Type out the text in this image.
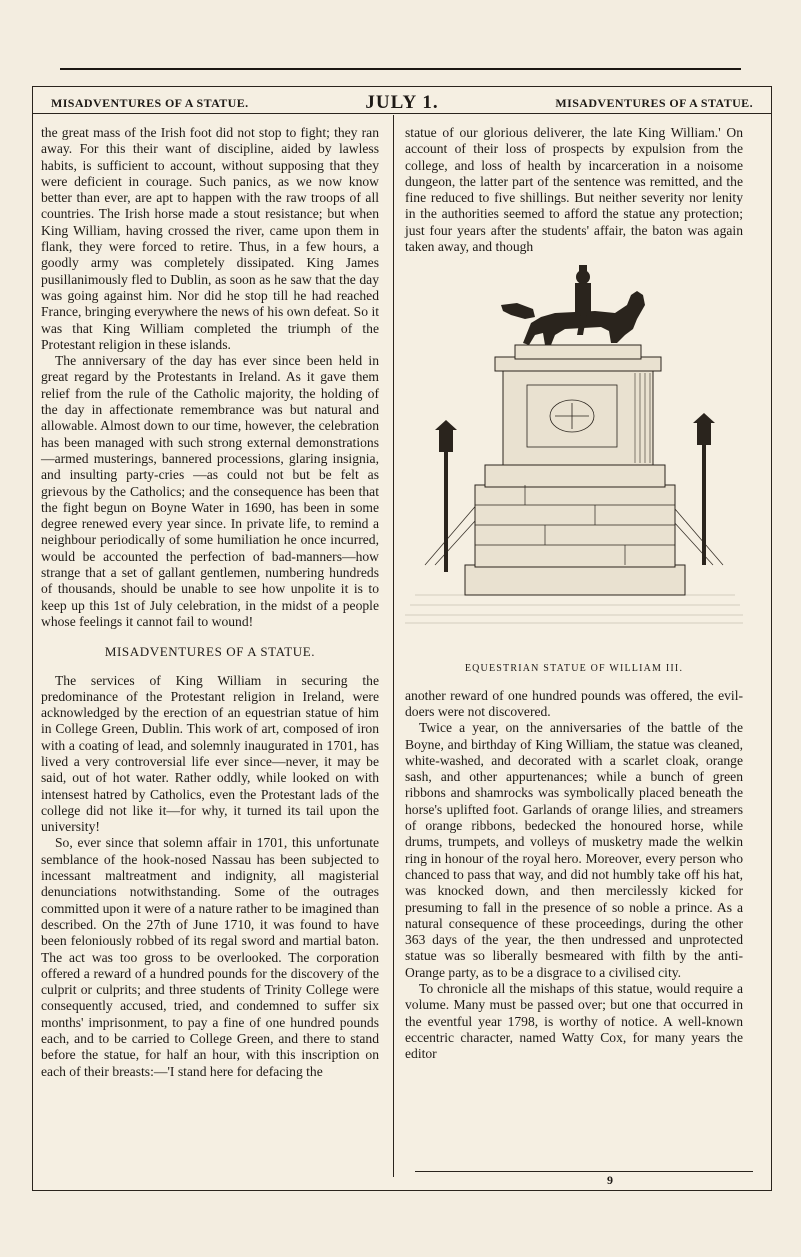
MISADVENTURES OF A STATUE.	JULY 1.	MISADVENTURES OF A STATUE.

the great mass of the Irish foot did not stop to fight; they ran away. For this their want of discipline, aided by lawless habits, is sufficient to account, without supposing that they were deficient in courage. Such panics, as we now know better than ever, are apt to happen with the raw troops of all countries. The Irish horse made a stout resistance; but when King William, having crossed the river, came upon them in flank, they were forced to retire. Thus, in a few hours, a goodly army was completely dissipated. King James pusillanimously fled to Dublin, as soon as he saw that the day was going against him. Nor did he stop till he had reached France, bringing everywhere the news of his own defeat. So it was that King William completed the triumph of the Protestant religion in these islands.

The anniversary of the day has ever since been held in great regard by the Protestants in Ireland. As it gave them relief from the rule of the Catholic majority, the holding of the day in affectionate remembrance was but natural and allowable. Almost down to our time, however, the celebration has been managed with such strong external demonstrations—armed musterings, bannered processions, glaring insignia, and insulting party-cries —as could not but be felt as grievous by the Catholics; and the consequence has been that the fight begun on Boyne Water in 1690, has been in some degree renewed every year since. In private life, to remind a neighbour periodically of some humiliation he once incurred, would be accounted the perfection of bad-manners—how strange that a set of gallant gentlemen, numbering hundreds of thousands, should be unable to see how unpolite it is to keep up this 1st of July celebration, in the midst of a people whose feelings it cannot fail to wound!

MISADVENTURES OF A STATUE.

The services of King William in securing the predominance of the Protestant religion in Ireland, were acknowledged by the erection of an equestrian statue of him in College Green, Dublin. This work of art, composed of iron with a coating of lead, and solemnly inaugurated in 1701, has lived a very controversial life ever since—never, it may be said, out of hot water. Rather oddly, while looked on with intensest hatred by Catholics, even the Protestant lads of the college did not like it—for why, it turned its tail upon the university!

So, ever since that solemn affair in 1701, this unfortunate semblance of the hook-nosed Nassau has been subjected to incessant maltreatment and indignity, all magisterial denunciations notwithstanding. Some of the outrages committed upon it were of a nature rather to be imagined than described. On the 27th of June 1710, it was found to have been feloniously robbed of its regal sword and martial baton. The act was too gross to be overlooked. The corporation offered a reward of a hundred pounds for the discovery of the culprit or culprits; and three students of Trinity College were consequently accused, tried, and condemned to suffer six months' imprisonment, to pay a fine of one hundred pounds each, and to be carried to College Green, and there to stand before the statue, for half an hour, with this inscription on each of their breasts:—'I stand here for defacing the

statue of our glorious deliverer, the late King William.' On account of their loss of prospects by expulsion from the college, and loss of health by incarceration in a noisome dungeon, the latter part of the sentence was remitted, and the fine reduced to five shillings. But neither severity nor lenity in the authorities seemed to afford the statue any protection; just four years after the students' affair, the baton was again taken away, and though

EQUESTRIAN STATUE OF WILLIAM III.

another reward of one hundred pounds was offered, the evil-doers were not discovered.

Twice a year, on the anniversaries of the battle of the Boyne, and birthday of King William, the statue was cleaned, white-washed, and decorated with a scarlet cloak, orange sash, and other appurtenances; while a bunch of green ribbons and shamrocks was symbolically placed beneath the horse's uplifted foot. Garlands of orange lilies, and streamers of orange ribbons, bedecked the honoured horse, while drums, trumpets, and volleys of musketry made the welkin ring in honour of the royal hero. Moreover, every person who chanced to pass that way, and did not humbly take off his hat, was knocked down, and then mercilessly kicked for presuming to fall in the presence of so noble a prince. As a natural consequence of these proceedings, during the other 363 days of the year, the then undressed and unprotected statue was so liberally besmeared with filth by the anti-Orange party, as to be a disgrace to a civilised city.

To chronicle all the mishaps of this statue, would require a volume. Many must be passed over; but one that occurred in the eventful year 1798, is worthy of notice. A well-known eccentric character, named Watty Cox, for many years the editor

9
